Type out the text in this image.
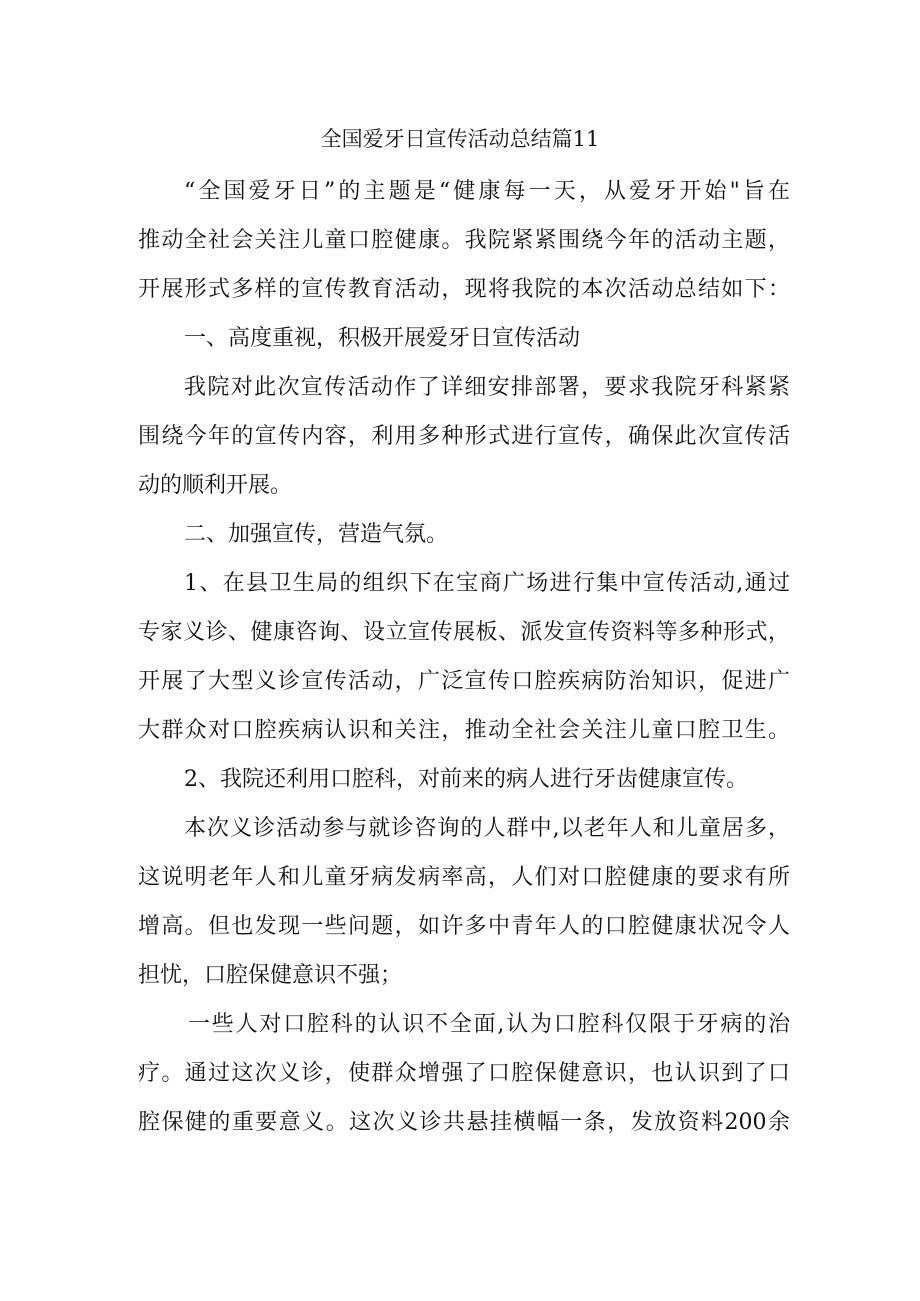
全国爱牙日宣传活动总结篇11
“全国爱牙日”的主题是“健康每一天，从爱牙开始"旨在
推动全社会关注儿童口腔健康。我院紧紧围绕今年的活动主题，
开展形式多样的宣传教育活动，现将我院的本次活动总结如下：
一、高度重视，积极开展爱牙日宣传活动
我院对此次宣传活动作了详细安排部署，要求我院牙科紧紧
围绕今年的宣传内容，利用多种形式进行宣传，确保此次宣传活
动的顺利开展。
二、加强宣传，营造气氛。
1、在县卫生局的组织下在宝商广场进行集中宣传活动,通过
专家义诊、健康咨询、设立宣传展板、派发宣传资料等多种形式，
开展了大型义诊宣传活动，广泛宣传口腔疾病防治知识，促进广
大群众对口腔疾病认识和关注，推动全社会关注儿童口腔卫生。
2、我院还利用口腔科，对前来的病人进行牙齿健康宣传。
本次义诊活动参与就诊咨询的人群中,以老年人和儿童居多，
这说明老年人和儿童牙病发病率高，人们对口腔健康的要求有所
增高。但也发现一些问题，如许多中青年人的口腔健康状况令人
担忧，口腔保健意识不强；
一些人对口腔科的认识不全面,认为口腔科仅限于牙病的治
疗。通过这次义诊，使群众增强了口腔保健意识，也认识到了口
腔保健的重要意义。这次义诊共悬挂横幅一条，发放资料200余
